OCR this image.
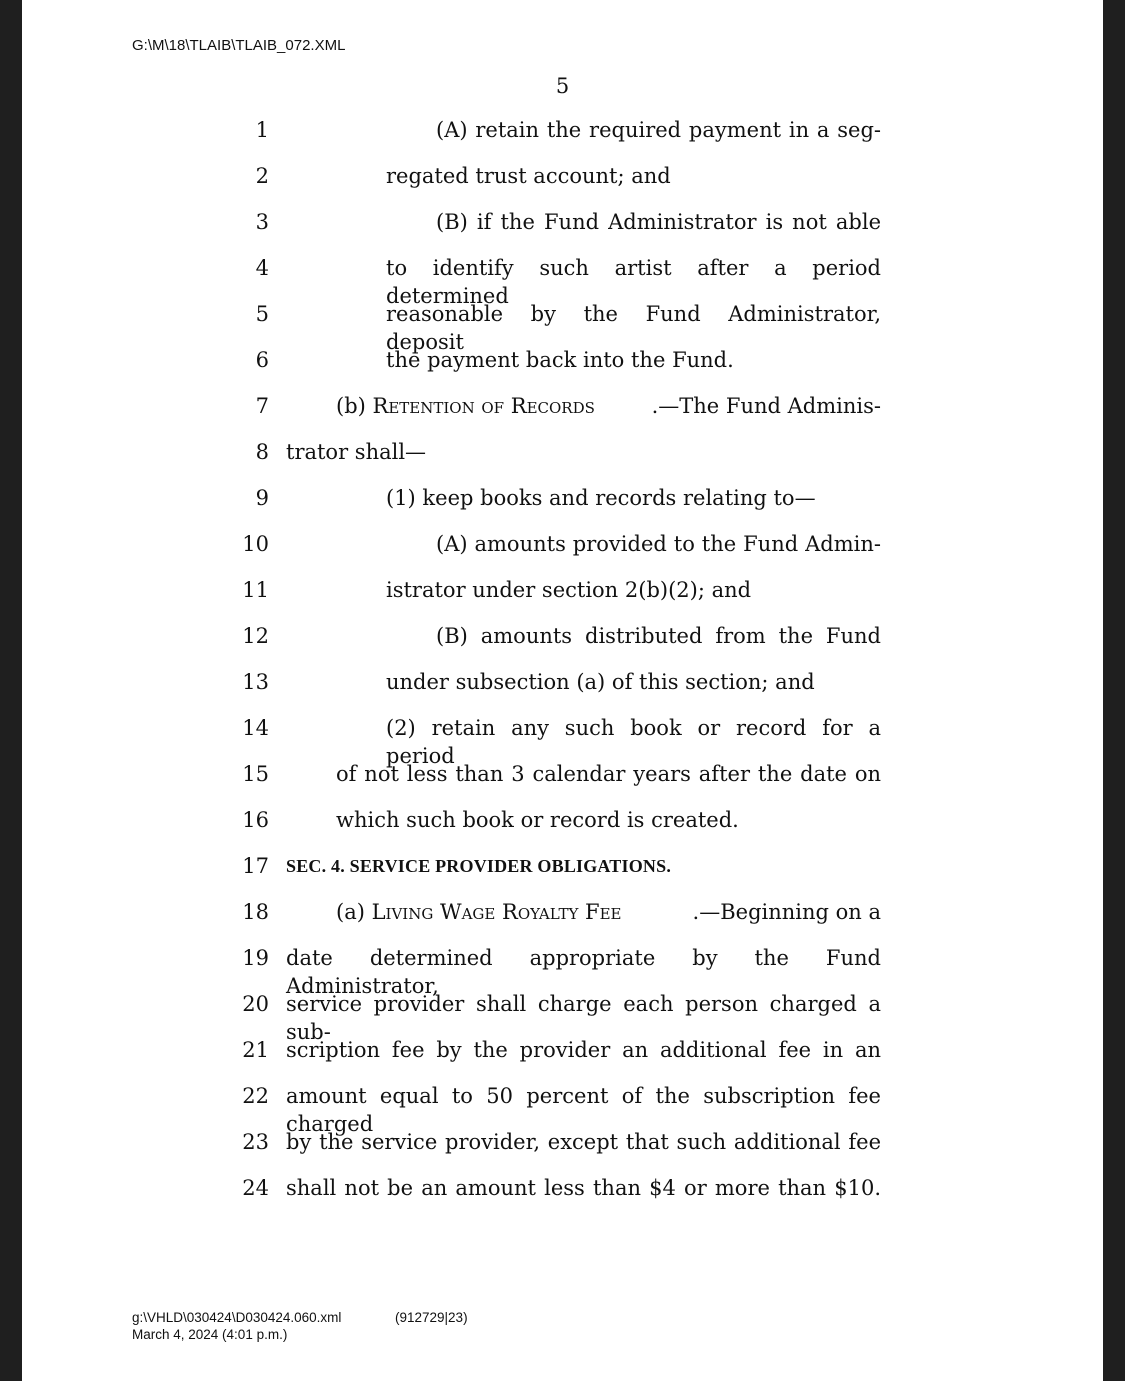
G:\M\18\TLAIB\TLAIB_072.XML
5
1	(A) retain the required payment in a seg-
2	regated trust account; and
3	(B) if the Fund Administrator is not able
4	to identify such artist after a period determined
5	reasonable by the Fund Administrator, deposit
6	the payment back into the Fund.
7	(b) Retention of Records	.—The Fund Adminis-
8 trator shall—
9	(1) keep books and records relating to—
10	(A) amounts provided to the Fund Admin-
11	istrator under section 2(b)(2); and
12	(B) amounts distributed from the Fund
13	under subsection (a) of this section; and
14	(2) retain any such book or record for a period
15	of not less than 3 calendar years after the date on
16	which such book or record is created.
17 SEC. 4. SERVICE PROVIDER OBLIGATIONS.
18	(a) Living Wage Royalty Fee	.—Beginning on a
19 date determined appropriate by the Fund Administrator,
20 service provider shall charge each person charged a sub-
21 scription fee by the provider an additional fee in an
22 amount equal to 50 percent of the subscription fee charged
23 by the service provider, except that such additional fee
24 shall not be an amount less than $4 or more than $10.
g:\VHLD\030424\D030424.060.xml
March 4, 2024 (4:01 p.m.)
(912729|23)
